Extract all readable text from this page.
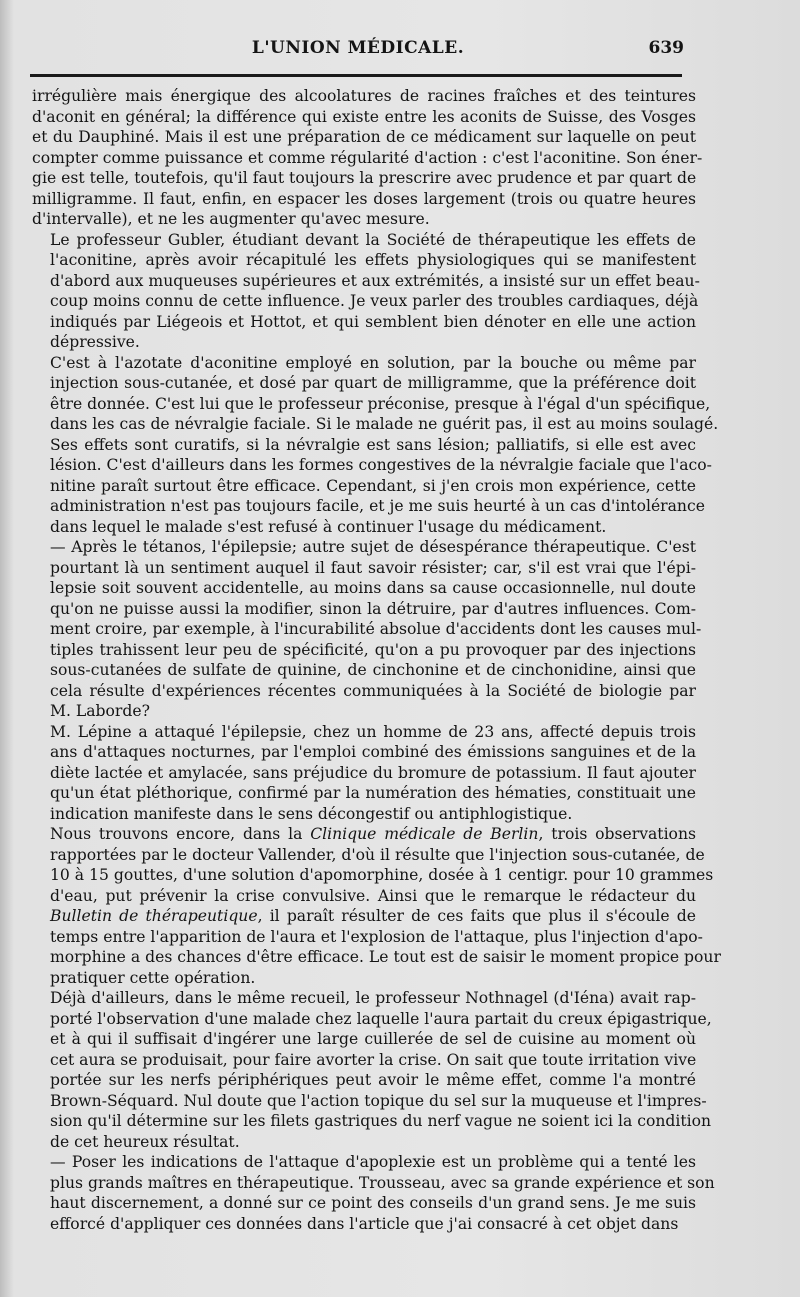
L'UNION MÉDICALE.	639

irrégulière mais énergique des alcoolatures de racines fraîches et des teintures
d'aconit en général; la différence qui existe entre les aconits de Suisse, des Vosges
et du Dauphiné. Mais il est une préparation de ce médicament sur laquelle on peut
compter comme puissance et comme régularité d'action : c'est l'aconitine. Son éner-
gie est telle, toutefois, qu'il faut toujours la prescrire avec prudence et par quart de
milligramme. Il faut, enfin, en espacer les doses largement (trois ou quatre heures
d'intervalle), et ne les augmenter qu'avec mesure.

Le professeur Gubler, étudiant devant la Société de thérapeutique les effets de
l'aconitine, après avoir récapitulé les effets physiologiques qui se manifestent
d'abord aux muqueuses supérieures et aux extrémités, a insisté sur un effet beau-
coup moins connu de cette influence. Je veux parler des troubles cardiaques, déjà
indiqués par Liégeois et Hottot, et qui semblent bien dénoter en elle une action
dépressive.

C'est à l'azotate d'aconitine employé en solution, par la bouche ou même par
injection sous-cutanée, et dosé par quart de milligramme, que la préférence doit
être donnée. C'est lui que le professeur préconise, presque à l'égal d'un spécifique,
dans les cas de névralgie faciale. Si le malade ne guérit pas, il est au moins soulagé.
Ses effets sont curatifs, si la névralgie est sans lésion; palliatifs, si elle est avec
lésion. C'est d'ailleurs dans les formes congestives de la névralgie faciale que l'aco-
nitine paraît surtout être efficace. Cependant, si j'en crois mon expérience, cette
administration n'est pas toujours facile, et je me suis heurté à un cas d'intolérance
dans lequel le malade s'est refusé à continuer l'usage du médicament.

— Après le tétanos, l'épilepsie; autre sujet de désespérance thérapeutique. C'est
pourtant là un sentiment auquel il faut savoir résister; car, s'il est vrai que l'épi-
lepsie soit souvent accidentelle, au moins dans sa cause occasionnelle, nul doute
qu'on ne puisse aussi la modifier, sinon la détruire, par d'autres influences. Com-
ment croire, par exemple, à l'incurabilité absolue d'accidents dont les causes mul-
tiples trahissent leur peu de spécificité, qu'on a pu provoquer par des injections
sous-cutanées de sulfate de quinine, de cinchonine et de cinchonidine, ainsi que
cela résulte d'expériences récentes communiquées à la Société de biologie par
M. Laborde?

M. Lépine a attaqué l'épilepsie, chez un homme de 23 ans, affecté depuis trois
ans d'attaques nocturnes, par l'emploi combiné des émissions sanguines et de la
diète lactée et amylacée, sans préjudice du bromure de potassium. Il faut ajouter
qu'un état pléthorique, confirmé par la numération des hématies, constituait une
indication manifeste dans le sens décongestif ou antiphlogistique.

Nous trouvons encore, dans la Clinique médicale de Berlin, trois observations
rapportées par le docteur Vallender, d'où il résulte que l'injection sous-cutanée, de
10 à 15 gouttes, d'une solution d'apomorphine, dosée à 1 centigr. pour 10 grammes
d'eau, put prévenir la crise convulsive. Ainsi que le remarque le rédacteur du
Bulletin de thérapeutique, il paraît résulter de ces faits que plus il s'écoule de
temps entre l'apparition de l'aura et l'explosion de l'attaque, plus l'injection d'apo-
morphine a des chances d'être efficace. Le tout est de saisir le moment propice pour
pratiquer cette opération.

Déjà d'ailleurs, dans le même recueil, le professeur Nothnagel (d'Iéna) avait rap-
porté l'observation d'une malade chez laquelle l'aura partait du creux épigastrique,
et à qui il suffisait d'ingérer une large cuillerée de sel de cuisine au moment où
cet aura se produisait, pour faire avorter la crise. On sait que toute irritation vive
portée sur les nerfs périphériques peut avoir le même effet, comme l'a montré
Brown-Séquard. Nul doute que l'action topique du sel sur la muqueuse et l'impres-
sion qu'il détermine sur les filets gastriques du nerf vague ne soient ici la condition
de cet heureux résultat.

— Poser les indications de l'attaque d'apoplexie est un problème qui a tenté les
plus grands maîtres en thérapeutique. Trousseau, avec sa grande expérience et son
haut discernement, a donné sur ce point des conseils d'un grand sens. Je me suis
efforcé d'appliquer ces données dans l'article que j'ai consacré à cet objet dans
